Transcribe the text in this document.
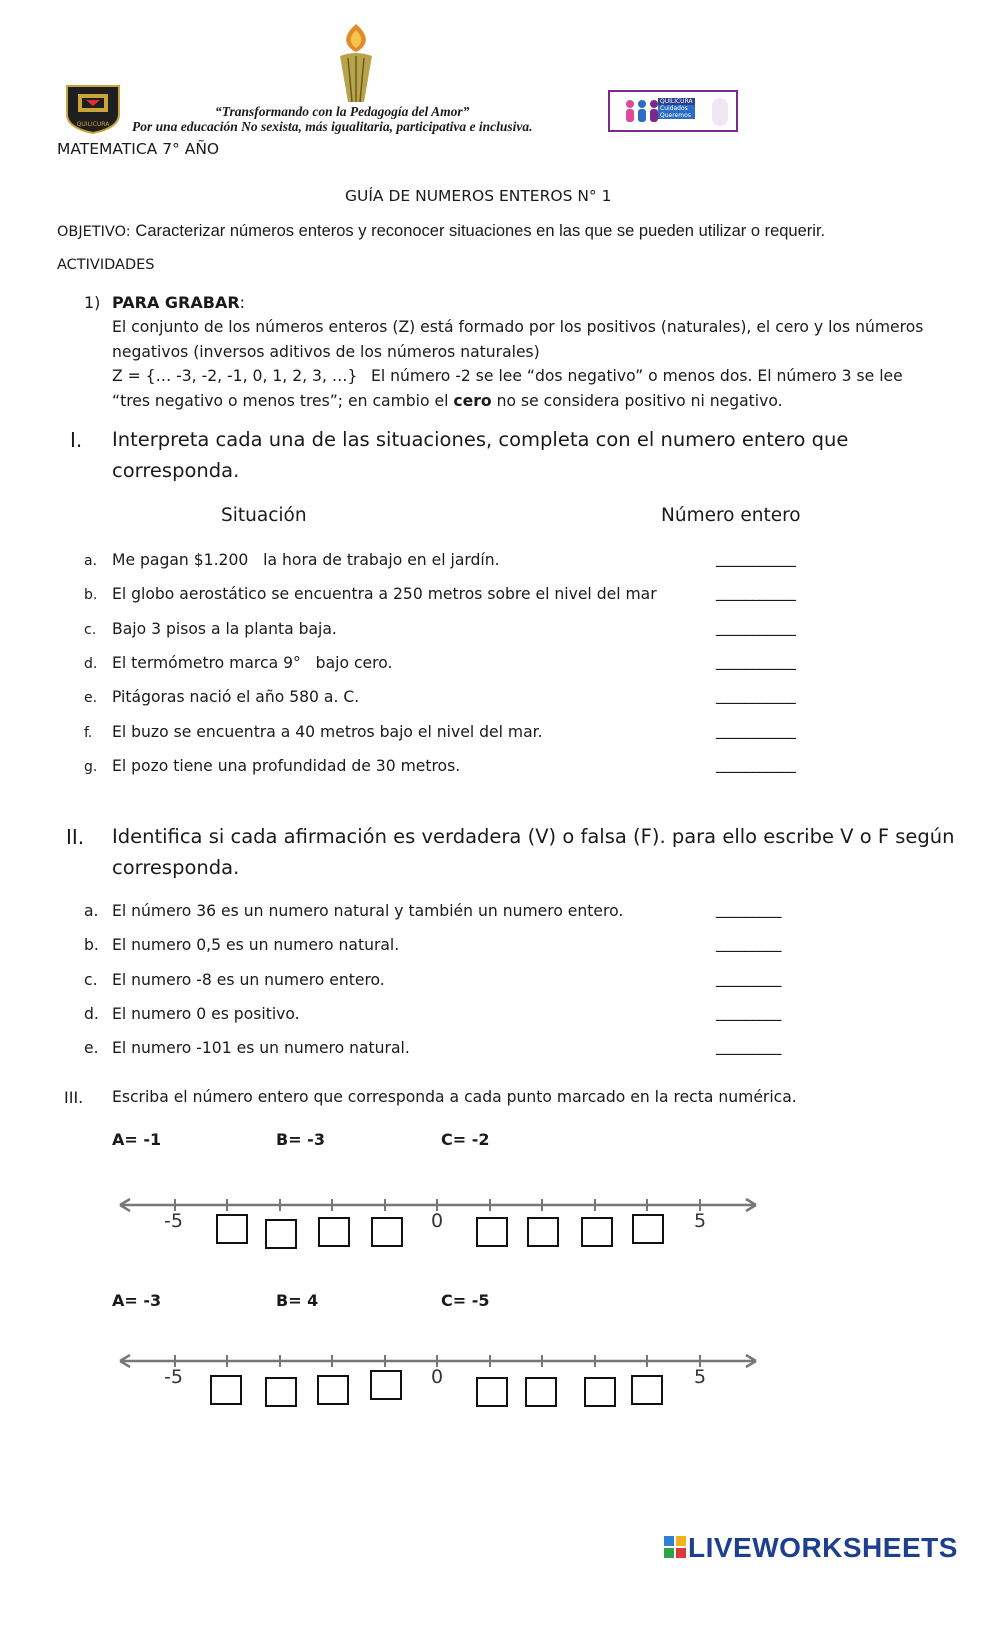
QUILICURA
“Transformando con la Pedagogía del Amor”
Por una educación No sexista, más igualitaria, participativa e inclusiva.
QUILICURA
Cuidados
Queremos
MATEMATICA 7° AÑO
GUÍA DE NUMEROS ENTEROS N° 1
OBJETIVO: Caracterizar números enteros y reconocer situaciones en las que se pueden utilizar o requerir.
ACTIVIDADES
1) PARA GRABAR:
El conjunto de los números enteros (Z) está formado por los positivos (naturales), el cero y los números
negativos (inversos aditivos de los números naturales)
Z = {… -3, -2, -1, 0, 1, 2, 3, …} El número -2 se lee “dos negativo” o menos dos. El número 3 se lee
“tres negativo o menos tres”; en cambio el cero no se considera positivo ni negativo.
I. Interpreta cada una de las situaciones, completa con el numero entero que
corresponda.
Situación	Número entero
a. Me pagan $1.200   la hora de trabajo en el jardín.	___________
b. El globo aerostático se encuentra a 250 metros sobre el nivel del mar	___________
c. Bajo 3 pisos a la planta baja.	___________
d. El termómetro marca 9°   bajo cero.	___________
e. Pitágoras nació el año 580 a. C.	___________
f. El buzo se encuentra a 40 metros bajo el nivel del mar.	___________
g. El pozo tiene una profundidad de 30 metros.	___________
II. Identifica si cada afirmación es verdadera (V) o falsa (F). para ello escribe V o F según
corresponda.
a. El número 36 es un numero natural y también un numero entero.	_________
b. El numero 0,5 es un numero natural.	_________
c. El numero -8 es un numero entero.	_________
d. El numero 0 es positivo.	_________
e. El numero -101 es un numero natural.	_________
III. Escriba el número entero que corresponda a cada punto marcado en la recta numérica.
A= -1	B= -3	C= -2
-5	0	5
A= -3	B= 4	C= -5
-5	0	5
LIVEWORKSHEETS
